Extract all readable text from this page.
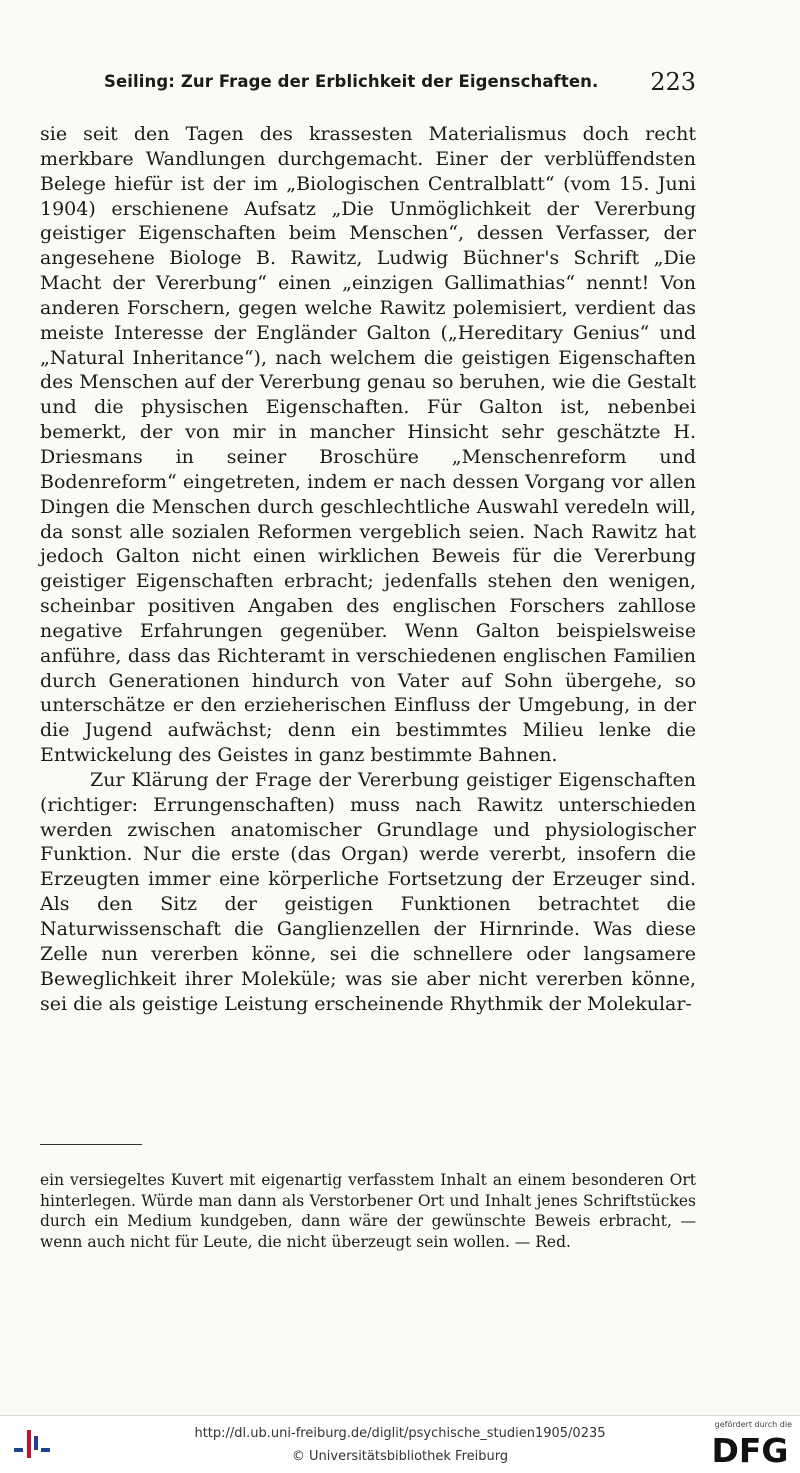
Seiling: Zur Frage der Erblichkeit der Eigenschaften. 223

sie seit den Tagen des krassesten Materialismus doch recht merkbare Wandlungen durchgemacht. Einer der verblüffendsten Belege hiefür ist der im „Biologischen Centralblatt“ (vom 15. Juni 1904) erschienene Aufsatz „Die Unmöglichkeit der Vererbung geistiger Eigenschaften beim Menschen“, dessen Verfasser, der angesehene Biologe B. Rawitz, Ludwig Büchner's Schrift „Die Macht der Vererbung“ einen „einzigen Gallimathias“ nennt! Von anderen Forschern, gegen welche Rawitz polemisiert, verdient das meiste Interesse der Engländer Galton („Hereditary Genius“ und „Natural Inheritance“), nach welchem die geistigen Eigenschaften des Menschen auf der Vererbung genau so beruhen, wie die Gestalt und die physischen Eigenschaften. Für Galton ist, nebenbei bemerkt, der von mir in mancher Hinsicht sehr geschätzte H. Driesmans in seiner Broschüre „Menschenreform und Bodenreform“ eingetreten, indem er nach dessen Vorgang vor allen Dingen die Menschen durch geschlechtliche Auswahl veredeln will, da sonst alle sozialen Reformen vergeblich seien. Nach Rawitz hat jedoch Galton nicht einen wirklichen Beweis für die Vererbung geistiger Eigenschaften erbracht; jedenfalls stehen den wenigen, scheinbar positiven Angaben des englischen Forschers zahllose negative Erfahrungen gegenüber. Wenn Galton beispielsweise anführe, dass das Richteramt in verschiedenen englischen Familien durch Generationen hindurch von Vater auf Sohn übergehe, so unterschätze er den erzieherischen Einfluss der Umgebung, in der die Jugend aufwächst; denn ein bestimmtes Milieu lenke die Entwickelung des Geistes in ganz bestimmte Bahnen.

Zur Klärung der Frage der Vererbung geistiger Eigenschaften (richtiger: Errungenschaften) muss nach Rawitz unterschieden werden zwischen anatomischer Grundlage und physiologischer Funktion. Nur die erste (das Organ) werde vererbt, insofern die Erzeugten immer eine körperliche Fortsetzung der Erzeuger sind. Als den Sitz der geistigen Funktionen betrachtet die Naturwissenschaft die Ganglienzellen der Hirnrinde. Was diese Zelle nun vererben könne, sei die schnellere oder langsamere Beweglichkeit ihrer Moleküle; was sie aber nicht vererben könne, sei die als geistige Leistung erscheinende Rhythmik der Molekular-

ein versiegeltes Kuvert mit eigenartig verfasstem Inhalt an einem besonderen Ort hinterlegen. Würde man dann als Verstorbener Ort und Inhalt jenes Schriftstückes durch ein Medium kundgeben, dann wäre der gewünschte Beweis erbracht, — wenn auch nicht für Leute, die nicht überzeugt sein wollen. — Red.

http://dl.ub.uni-freiburg.de/diglit/psychische_studien1905/0235
© Universitätsbibliothek Freiburg
gefördert durch die
DFG
